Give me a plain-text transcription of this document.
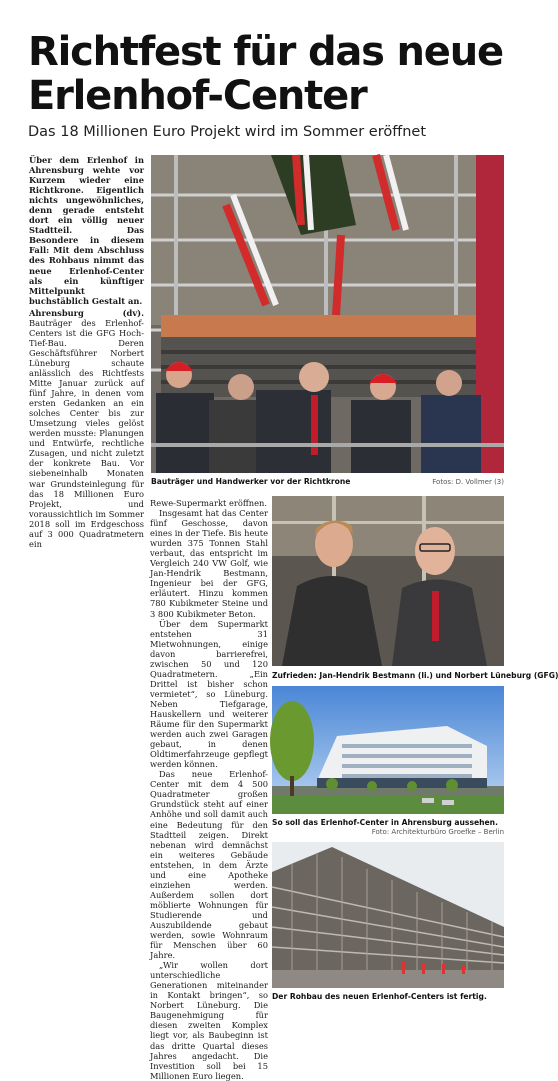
Richtfest für das neue
Erlenhof-Center
Das 18 Millionen Euro Projekt wird im Sommer eröffnet

Über dem Erlenhof in Ahrensburg wehte vor Kurzem wieder eine Richtkrone. Eigentlich nichts ungewöhnliches, denn gerade entsteht dort ein völlig neuer Stadtteil. Das Besondere in diesem Fall: Mit dem Abschluss des Rohbaus nimmt das neue Erlenhof-Center als ein künftiger Mittelpunkt buchstäblich Gestalt an.

Ahrensburg (dv). Bauträger des Erlenhof-Centers ist die GFG Hoch-Tief-Bau. Deren Geschäftsführer Norbert Lüneburg schaute anlässlich des Richtfests Mitte Januar zurück auf fünf Jahre, in denen vom ersten Gedanken an ein solches Center bis zur Umsetzung vieles gelöst werden musste: Planungen und Entwürfe, rechtliche Zusagen, und nicht zuletzt der konkrete Bau. Vor siebeneinhalb Monaten war Grundsteinlegung für das 18 Millionen Euro Projekt, und voraussichtlich im Sommer 2018 soll im Erdgeschoss auf 3 000 Quadratmetern ein

Rewe-Supermarkt eröffnen.

Insgesamt hat das Center fünf Geschosse, davon eines in der Tiefe. Bis heute wurden 375 Tonnen Stahl verbaut, das entspricht im Vergleich 240 VW Golf, wie Jan-Hendrik Bestmann, Ingenieur bei der GFG, erläutert. Hinzu kommen 780 Kubikmeter Steine und 3 800 Kubikmeter Beton.

Über dem Supermarkt entstehen 31 Mietwohnungen, einige davon barrierefrei, zwischen 50 und 120 Quadratmetern. „Ein Drittel ist bisher schon vermietet“, so Lüneburg. Neben Tiefgarage, Hauskellern und weiterer Räume für den Supermarkt werden auch zwei Garagen gebaut, in denen Oldtimerfahrzeuge gepflegt werden können.

Das neue Erlenhof-Center mit dem 4 500 Quadratmeter großen Grundstück steht auf einer Anhöhe und soll damit auch eine Bedeutung für den Stadtteil zeigen. Direkt nebenan wird demnächst ein weiteres Gebäude entstehen, in dem Ärzte und eine Apotheke einziehen werden. Außerdem sollen dort möblierte Wohnungen für Studierende und Auszubildende gebaut werden, sowie Wohnraum für Menschen über 60 Jahre.

„Wir wollen dort unterschiedliche Generationen miteinander in Kontakt bringen“, so Norbert Lüneburg. Die Baugenehmigung für diesen zweiten Komplex liegt vor, als Baubeginn ist das dritte Quartal dieses Jahres angedacht. Die Investition soll bei 15 Millionen Euro liegen.

Bauträger und Handwerker vor der Richtkrone	Fotos: D. Vollmer (3)
Zufrieden: Jan-Hendrik Bestmann (li.) und Norbert Lüneburg (GFG)
So soll das Erlenhof-Center in Ahrensburg aussehen.
Foto: Architekturbüro Groefke – Berlin
Der Rohbau des neuen Erlenhof-Centers ist fertig.
